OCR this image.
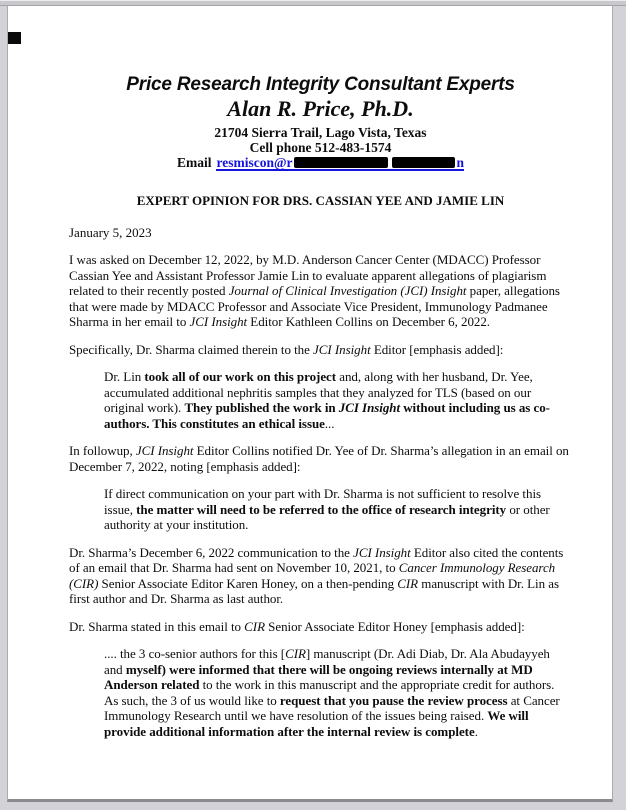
Price Research Integrity Consultant Experts
Alan R. Price, Ph.D.
21704 Sierra Trail, Lago Vista, Texas
Cell phone 512-483-1574
Email resmiscon@r	n
EXPERT OPINION FOR DRS. CASSIAN YEE AND JAMIE LIN
January 5, 2023
I was asked on December 12, 2022, by M.D. Anderson Cancer Center (MDACC) Professor
Cassian Yee and Assistant Professor Jamie Lin to evaluate apparent allegations of plagiarism
related to their recently posted Journal of Clinical Investigation (JCI) Insight paper, allegations
that were made by MDACC Professor and Associate Vice President, Immunology Padmanee
Sharma in her email to JCI Insight Editor Kathleen Collins on December 6, 2022.
Specifically, Dr. Sharma claimed therein to the JCI Insight Editor [emphasis added]:
Dr. Lin took all of our work on this project and, along with her husband, Dr. Yee,
accumulated additional nephritis samples that they analyzed for TLS (based on our
original work). They published the work in JCI Insight without including us as co-
authors. This constitutes an ethical issue...
In followup, JCI Insight Editor Collins notified Dr. Yee of Dr. Sharma’s allegation in an email on
December 7, 2022, noting [emphasis added]:
If direct communication on your part with Dr. Sharma is not sufficient to resolve this
issue, the matter will need to be referred to the office of research integrity or other
authority at your institution.
Dr. Sharma’s December 6, 2022 communication to the JCI Insight Editor also cited the contents
of an email that Dr. Sharma had sent on November 10, 2021, to Cancer Immunology Research
(CIR) Senior Associate Editor Karen Honey, on a then-pending CIR manuscript with Dr. Lin as
first author and Dr. Sharma as last author.
Dr. Sharma stated in this email to CIR Senior Associate Editor Honey [emphasis added]:
.... the 3 co-senior authors for this [CIR] manuscript (Dr. Adi Diab, Dr. Ala Abudayyeh
and myself) were informed that there will be ongoing reviews internally at MD
Anderson related to the work in this manuscript and the appropriate credit for authors.
As such, the 3 of us would like to request that you pause the review process at Cancer
Immunology Research until we have resolution of the issues being raised. We will
provide additional information after the internal review is complete.
